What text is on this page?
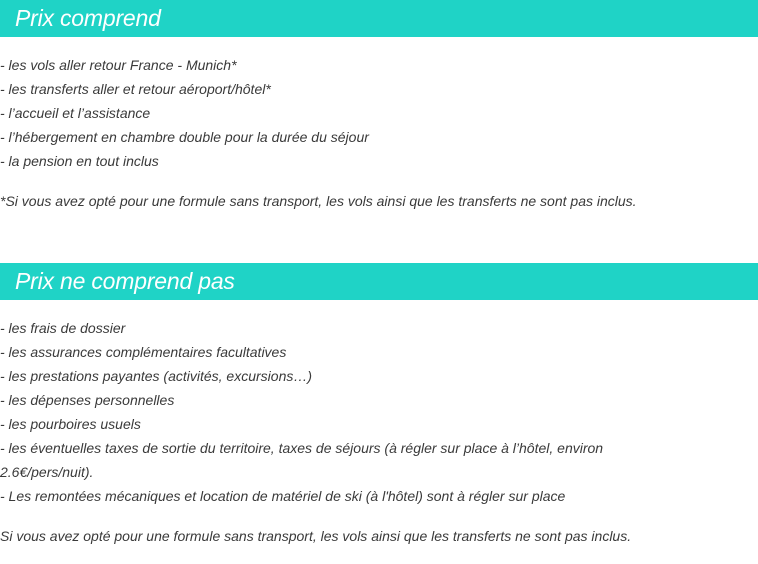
Prix comprend
- les vols aller retour France - Munich*
- les transferts aller et retour aéroport/hôtel*
- l’accueil et l’assistance
- l’hébergement en chambre double pour la durée du séjour
- la pension en tout inclus

*Si vous avez opté pour une formule sans transport, les vols ainsi que les transferts ne sont pas inclus.

Prix ne comprend pas
- les frais de dossier
- les assurances complémentaires facultatives
- les prestations payantes (activités, excursions…)
- les dépenses personnelles
- les pourboires usuels
- les éventuelles taxes de sortie du territoire, taxes de séjours (à régler sur place à l’hôtel, environ 2.6€/pers/nuit).
- Les remontées mécaniques et location de matériel de ski (à l'hôtel) sont à régler sur place

Si vous avez opté pour une formule sans transport, les vols ainsi que les transferts ne sont pas inclus.
